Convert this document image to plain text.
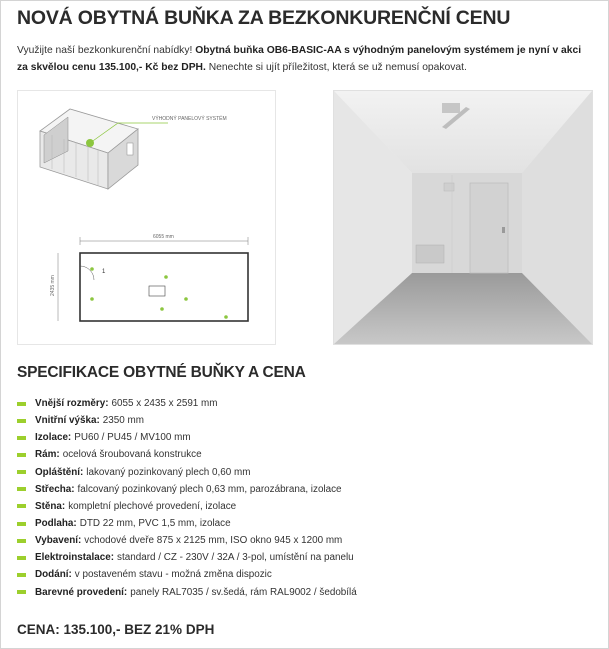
NOVÁ OBYTNÁ BUŇKA ZA BEZKONKURENČNÍ CENU

Využijte naší bezkonkurenční nabídky! Obytná buňka OB6-BASIC-AA s výhodným panelovým systémem je nyní v akci za skvělou cenu 135.100,- Kč bez DPH. Nenechte si ujít příležitost, která se už nemusí opakovat.

VÝHODNÝ PANELOVÝ SYSTÉM
6055 mm
2435 mm
1
SPECIFIKACE OBYTNÉ BUŇKY A CENA
Vnější rozměry: 6055 x 2435 x 2591 mm
Vnitřní výška: 2350 mm
Izolace: PU60 / PU45 / MV100 mm
Rám: ocelová šroubovaná konstrukce
Opláštění: lakovaný pozinkovaný plech 0,60 mm
Střecha: falcovaný pozinkovaný plech 0,63 mm, parozábrana, izolace
Stěna: kompletní plechové provedení, izolace
Podlaha: DTD 22 mm, PVC 1,5 mm, izolace
Vybavení: vchodové dveře 875 x 2125 mm, ISO okno 945 x 1200 mm
Elektroinstalace: standard / CZ - 230V / 32A / 3-pol, umístění na panelu
Dodání: v postaveném stavu - možná změna dispozic
Barevné provedení: panely RAL7035 / sv.šedá, rám RAL9002 / šedobílá

CENA: 135.100,- BEZ 21% DPH
